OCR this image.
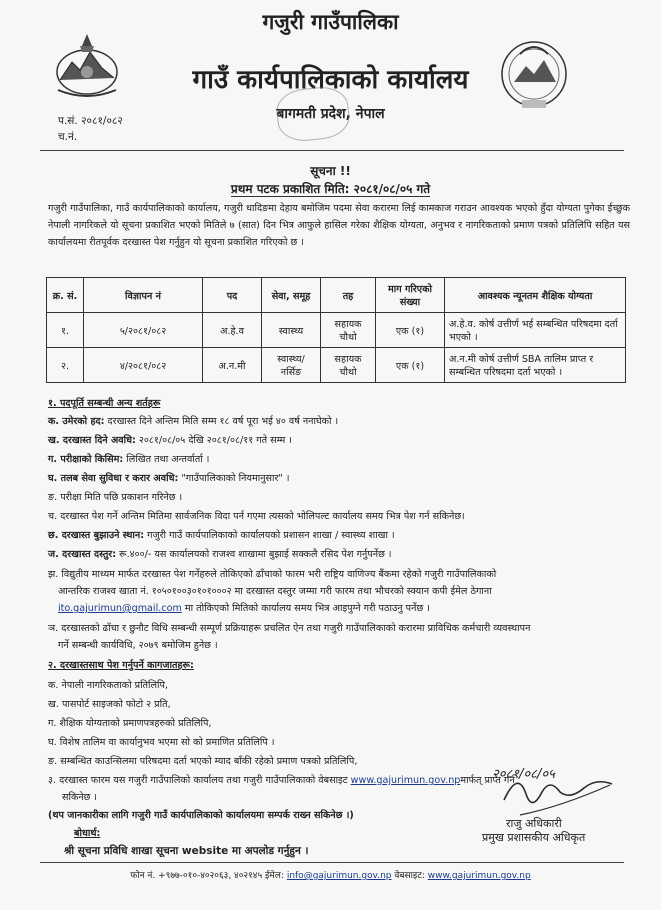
गजुरी गाउँपालिका
गाउँ कार्यपालिकाको कार्यालय
बागमती प्रदेश, नेपाल
प.सं. २०८१/०८२
च.नं.
सूचना !!
प्रथम पटक प्रकाशित मिति: २०८१/०८/०५ गते
गजुरी गाउँपालिका, गाउँ कार्यपालिकाको कार्यालय, गजुरी धादिङमा देहाय बमोजिम पदमा सेवा करारमा लिई कामकाज गराउन आवश्यक भएको हुँदा योग्यता पुगेका ईच्छुक नेपाली नागरिकले यो सूचना प्रकाशित भएको मितिले ७ (सात) दिन भित्र आफुले हासिल गरेका शैक्षिक योग्यता, अनुभव र नागरिकताको प्रमाण पत्रको प्रतिलिपि सहित यस कार्यालयमा रीतपूर्वक दरखास्त पेश गर्नुहुन यो सूचना प्रकाशित गरिएको छ ।
क्र. सं.	विज्ञापन नं	पद	सेवा, समूह	तह	माग गरिएको संख्या	आवश्यक न्यूनतम शैक्षिक योग्यता
१.	५/२०८१/०८२	अ.हे.व	स्वास्थ्य	सहायक चौथो	एक (१)	अ.हे.व. कोर्ष उत्तीर्ण भई सम्बन्धित परिषदमा दर्ता भएको ।
२.	४/२०८१/०८२	अ.न.मी	स्वास्थ्य/ नर्सिङ	सहायक चौथो	एक (१)	अ.न.मी कोर्ष उत्तीर्ण SBA तालिम प्राप्त र सम्बन्धित परिषदमा दर्ता भएको ।
१. पदपूर्ति सम्बन्धी अन्य शर्तहरू
क. उमेरको हद: दरखास्त दिने अन्तिम मिति सम्म १८ वर्ष पूरा भई ४० वर्ष ननाघेको ।
ख. दरखास्त दिने अवधि: २०८१/०८/०५ देखि २०८१/०८/११ गते सम्म ।
ग. परीक्षाको किसिम: लिखित तथा अन्तर्वार्ता ।
घ. तलब सेवा सुविधा र करार अवधि: "गाउँपालिकाको नियमानुसार" ।
ङ. परीक्षा मिति पछि प्रकाशन गरिनेछ ।
च. दरखास्त पेश गर्ने अन्तिम मितिमा सार्वजनिक विदा पर्न गएमा त्यसको भोलिपल्ट कार्यालय समय भित्र पेश गर्न सकिनेछ।
छ. दरखास्त बुझाउने स्थान: गजुरी गाउँ कार्यपालिकाको कार्यालयको प्रशासन शाखा / स्वास्थ्य शाखा ।
ज. दरखास्त दस्तुर: रू.४००/- यस कार्यालयको राजश्व शाखामा बुझाई सक्कलै रसिद पेश गर्नुपर्नेछ ।
झ. विद्युतीय माध्यम मार्फत दरखास्त पेश गर्नेहरुले तोकिएको ढाँचाको फारम भरी राष्ट्रिय वाणिज्य बैंकमा रहेको गजुरी गाउँपालिकाको
आन्तरिक राजश्व खाता नं. १०५०१००३०१०१०००२ मा दरखास्त दस्तुर जम्मा गरी फारम तथा भौचरको स्क्यान कपी ईमेल ठेगाना
ito.gajurimun@gmail.com मा तोकिएको मितिको कार्यालय समय भित्र आइपुग्ने गरी पठाउनु पर्नेछ ।
ञ. दरखास्तको ढाँचा र छुनौट विधि सम्बन्धी सम्पूर्ण प्रक्रियाहरू प्रचलित ऐन तथा गजुरी गाउँपालिकाको करारमा प्राविधिक कर्मचारी व्यवस्थापन
गर्ने सम्बन्धी कार्यविधि, २०७९ बमोजिम हुनेछ ।
२. दरखास्तसाथ पेश गर्नुपर्ने कागजातहरू:
क. नेपाली नागरिकताको प्रतिलिपि,
ख. पासपोर्ट साइजको फोटो २ प्रति,
ग. शैक्षिक योग्यताको प्रमाणपत्रहरुको प्रतिलिपि,
घ. विशेष तालिम वा कार्यानुभव भएमा सो को प्रमाणित प्रतिलिपि ।
ङ. सम्बन्धित काउन्सिलमा परिषदमा दर्ता भएको म्याद बाँकी रहेको प्रमाण पत्रको प्रतिलिपि,
३. दरखास्त फारम यस गजुरी गाउँपालिको कार्यालय तथा गजुरी गाउँपालिकाको वेबसाइट www.gajurimun.gov.npमार्फत् प्राप्त गर्न
सकिनेछ ।
(थप जानकारीका लागि गजुरी गाउँ कार्यपालिकाको कार्यालयमा सम्पर्क राख्न सकिनेछ ।)
बोधार्थ:
श्री सूचना प्रविधि शाखा सूचना website मा अपलोड गर्नुहुन ।
२०८१/०८/०५
राजु अधिकारी
प्रमुख प्रशासकीय अधिकृत
फोन नं. +९७७-०१०-४०२०६३, ४०२१४५ ईमेल: info@gajurimun.gov.np वेबसाइट: www.gajurimun.gov.np
